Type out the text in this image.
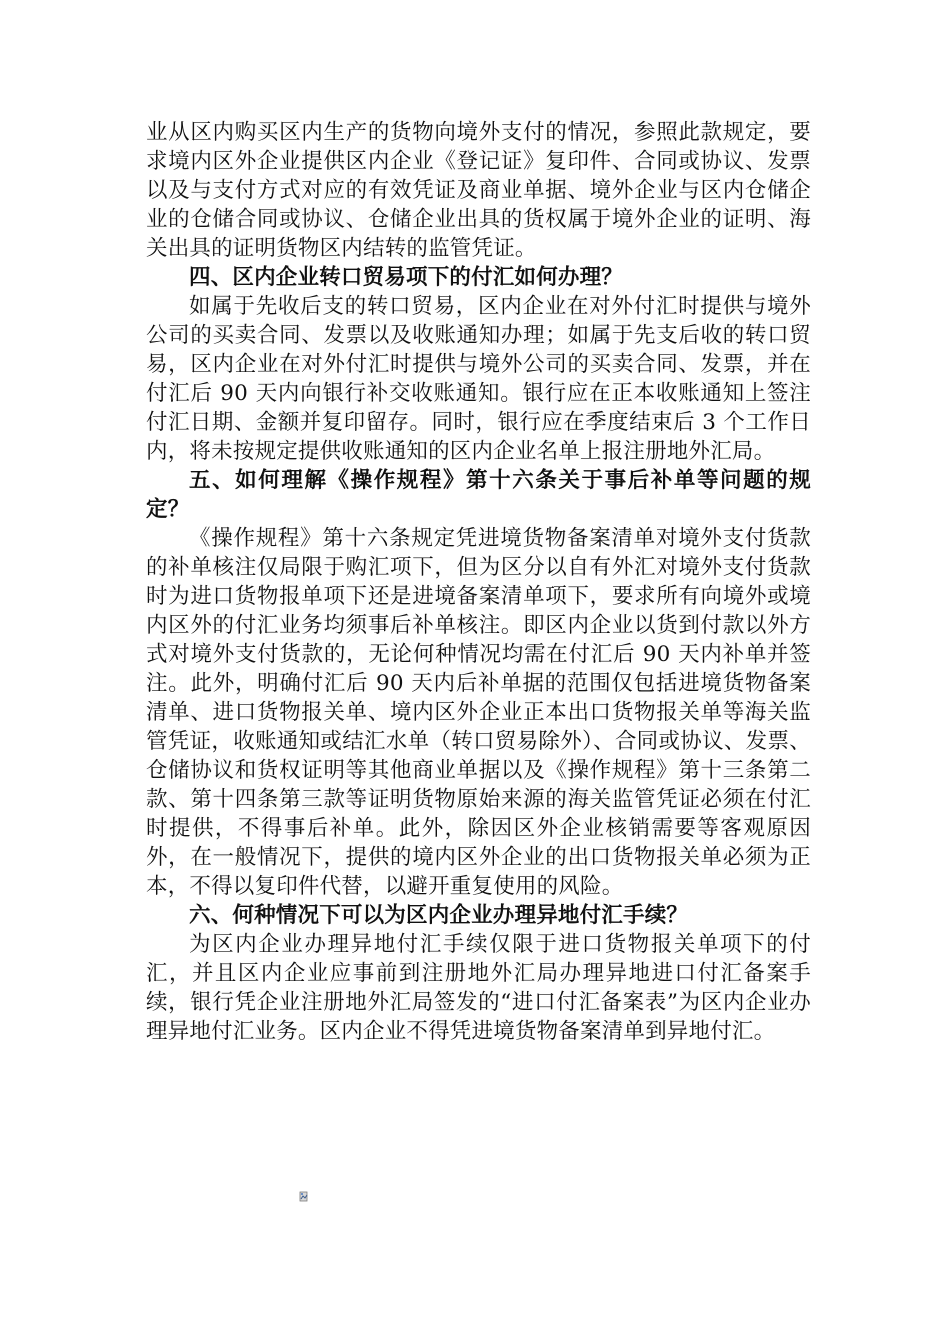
业从区内购买区内生产的货物向境外支付的情况，参照此款规定，要求境内区外企业提供区内企业《登记证》复印件、合同或协议、发票以及与支付方式对应的有效凭证及商业单据、境外企业与区内仓储企业的仓储合同或协议、仓储企业出具的货权属于境外企业的证明、海关出具的证明货物区内结转的监管凭证。

四、区内企业转口贸易项下的付汇如何办理？

如属于先收后支的转口贸易，区内企业在对外付汇时提供与境外公司的买卖合同、发票以及收账通知办理；如属于先支后收的转口贸易，区内企业在对外付汇时提供与境外公司的买卖合同、发票，并在付汇后 90 天内向银行补交收账通知。银行应在正本收账通知上签注付汇日期、金额并复印留存。同时，银行应在季度结束后 3 个工作日内，将未按规定提供收账通知的区内企业名单上报注册地外汇局。

五、如何理解《操作规程》第十六条关于事后补单等问题的规定？

《操作规程》第十六条规定凭进境货物备案清单对境外支付货款的补单核注仅局限于购汇项下，但为区分以自有外汇对境外支付货款时为进口货物报单项下还是进境备案清单项下，要求所有向境外或境内区外的付汇业务均须事后补单核注。即区内企业以货到付款以外方式对境外支付货款的，无论何种情况均需在付汇后 90 天内补单并签注。此外，明确付汇后 90 天内后补单据的范围仅包括进境货物备案清单、进口货物报关单、境内区外企业正本出口货物报关单等海关监管凭证，收账通知或结汇水单（转口贸易除外）、合同或协议、发票、仓储协议和货权证明等其他商业单据以及《操作规程》第十三条第二款、第十四条第三款等证明货物原始来源的海关监管凭证必须在付汇时提供，不得事后补单。此外，除因区外企业核销需要等客观原因外，在一般情况下，提供的境内区外企业的出口货物报关单必须为正本，不得以复印件代替，以避开重复使用的风险。

六、何种情况下可以为区内企业办理异地付汇手续？

为区内企业办理异地付汇手续仅限于进口货物报关单项下的付汇，并且区内企业应事前到注册地外汇局办理异地进口付汇备案手续，银行凭企业注册地外汇局签发的“进口付汇备案表”为区内企业办理异地付汇业务。区内企业不得凭进境货物备案清单到异地付汇。
